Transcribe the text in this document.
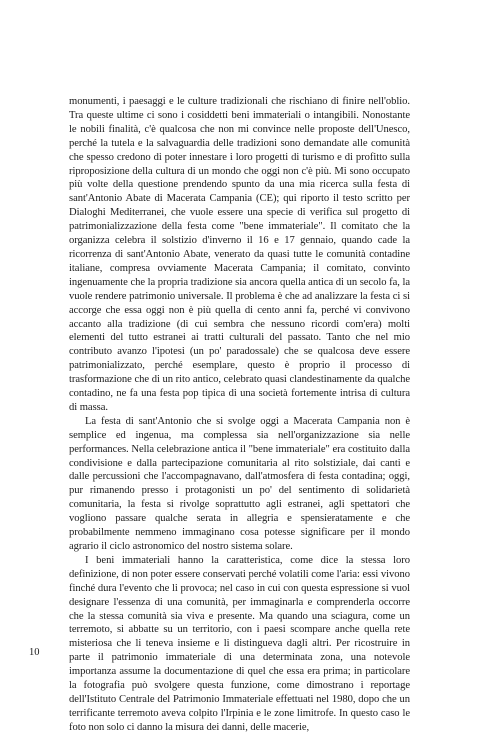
monumenti, i paesaggi e le culture tradizionali che rischiano di finire nell'oblio. Tra queste ultime ci sono i cosiddetti beni immateriali o intangibili. Nonostante le nobili finalità, c'è qualcosa che non mi convince nelle proposte dell'Unesco, perché la tutela e la salvaguardia delle tradizioni sono demandate alle comunità che spesso credono di poter innestare i loro progetti di turismo e di profitto sulla riproposizione della cultura di un mondo che oggi non c'è più. Mi sono occupato più volte della questione prendendo spunto da una mia ricerca sulla festa di sant'Antonio Abate di Macerata Campania (CE); qui riporto il testo scritto per Dialoghi Mediterranei, che vuole essere una specie di verifica sul progetto di patrimonializzazione della festa come "bene immateriale". Il comitato che la organizza celebra il solstizio d'inverno il 16 e 17 gennaio, quando cade la ricorrenza di sant'Antonio Abate, venerato da quasi tutte le comunità contadine italiane, compresa ovviamente Macerata Campania; il comitato, convinto ingenuamente che la propria tradizione sia ancora quella antica di un secolo fa, la vuole rendere patrimonio universale. Il problema è che ad analizzare la festa ci si accorge che essa oggi non è più quella di cento anni fa, perché vi convivono accanto alla tradizione (di cui sembra che nessuno ricordi com'era) molti elementi del tutto estranei ai tratti culturali del passato. Tanto che nel mio contributo avanzo l'ipotesi (un po' paradossale) che se qualcosa deve essere patrimonializzato, perché esemplare, questo è proprio il processo di trasformazione che di un rito antico, celebrato quasi clandestinamente da qualche contadino, ne fa una festa pop tipica di una società fortemente intrisa di cultura di massa.

La festa di sant'Antonio che si svolge oggi a Macerata Campania non è semplice ed ingenua, ma complessa sia nell'organizzazione sia nelle performances. Nella celebrazione antica il "bene immateriale" era costituito dalla condivisione e dalla partecipazione comunitaria al rito solstiziale, dai canti e dalle percussioni che l'accompagnavano, dall'atmosfera di festa contadina; oggi, pur rimanendo presso i protagonisti un po' del sentimento di solidarietà comunitaria, la festa si rivolge soprattutto agli estranei, agli spettatori che vogliono passare qualche serata in allegria e spensieratamente e che probabilmente nemmeno immaginano cosa potesse significare per il mondo agrario il ciclo astronomico del nostro sistema solare.

I beni immateriali hanno la caratteristica, come dice la stessa loro definizione, di non poter essere conservati perché volatili come l'aria: essi vivono finché dura l'evento che li provoca; nel caso in cui con questa espressione si vuol designare l'essenza di una comunità, per immaginarla e comprenderla occorre che la stessa comunità sia viva e presente. Ma quando una sciagura, come un terremoto, si abbatte su un territorio, con i paesi scompare anche quella rete misteriosa che li teneva insieme e li distingueva dagli altri. Per ricostruire in parte il patrimonio immateriale di una determinata zona, una notevole importanza assume la documentazione di quel che essa era prima; in particolare la fotografia può svolgere questa funzione, come dimostrano i reportage dell'Istituto Centrale del Patrimonio Immateriale effettuati nel 1980, dopo che un terrificante terremoto aveva colpito l'Irpinia e le zone limitrofe. In questo caso le foto non solo ci danno la misura dei danni, delle macerie,

10
